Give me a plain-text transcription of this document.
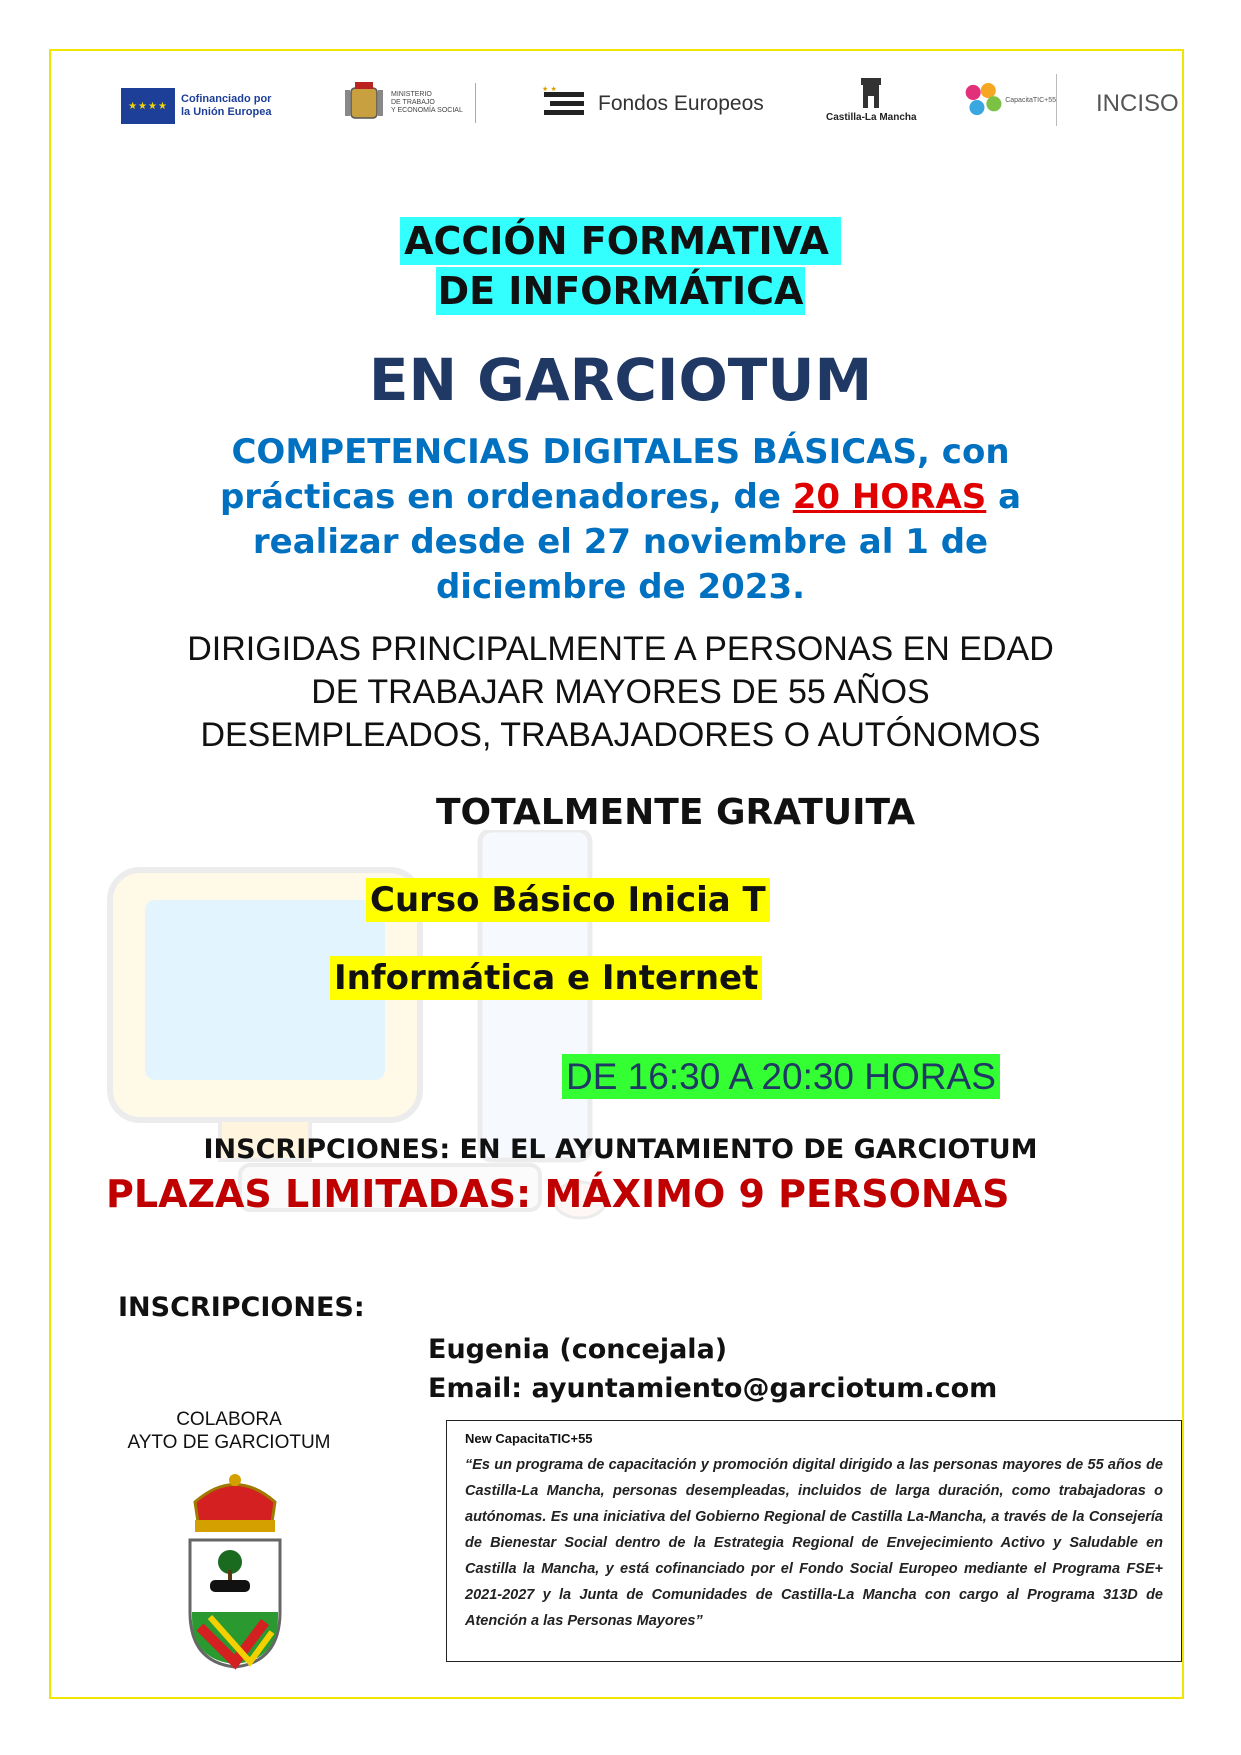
★★★★
Cofinanciado por
la Unión Europea
MINISTERIO
DE TRABAJO
Y ECONOMÍA SOCIAL
★ ★
Fondos Europeos
Castilla-La Mancha
CapacitaTIC+55 INCISO
ACCIÓN FORMATIVA
DE INFORMÁTICA
EN GARCIOTUM
COMPETENCIAS DIGITALES BÁSICAS, con
prácticas en ordenadores, de 20 HORAS a
realizar desde el 27 noviembre al 1 de
diciembre de 2023.
DIRIGIDAS PRINCIPALMENTE A PERSONAS EN EDAD
DE TRABAJAR MAYORES DE 55 AÑOS
DESEMPLEADOS, TRABAJADORES O AUTÓNOMOS
TOTALMENTE GRATUITA
Curso Básico Inicia T
Informática e Internet
DE 16:30 A 20:30 HORAS
INSCRIPCIONES: EN EL AYUNTAMIENTO DE GARCIOTUM
PLAZAS LIMITADAS: MÁXIMO 9 PERSONAS
INSCRIPCIONES:
Eugenia (concejala)
Email: ayuntamiento@garciotum.com
COLABORA
AYTO DE GARCIOTUM	New CapacitaTIC+55
“Es un programa de capacitación y promoción digital dirigido a las personas mayores de 55 años de Castilla-La Mancha, personas desempleadas, incluidos de larga duración, como trabajadoras o autónomas. Es una iniciativa del Gobierno Regional de Castilla La-Mancha, a través de la Consejería de Bienestar Social dentro de la Estrategia Regional de Envejecimiento Activo y Saludable en Castilla la Mancha, y está cofinanciado por el Fondo Social Europeo mediante el Programa FSE+ 2021-2027 y la Junta de Comunidades de Castilla-La Mancha con cargo al Programa 313D de Atención a las Personas Mayores”
